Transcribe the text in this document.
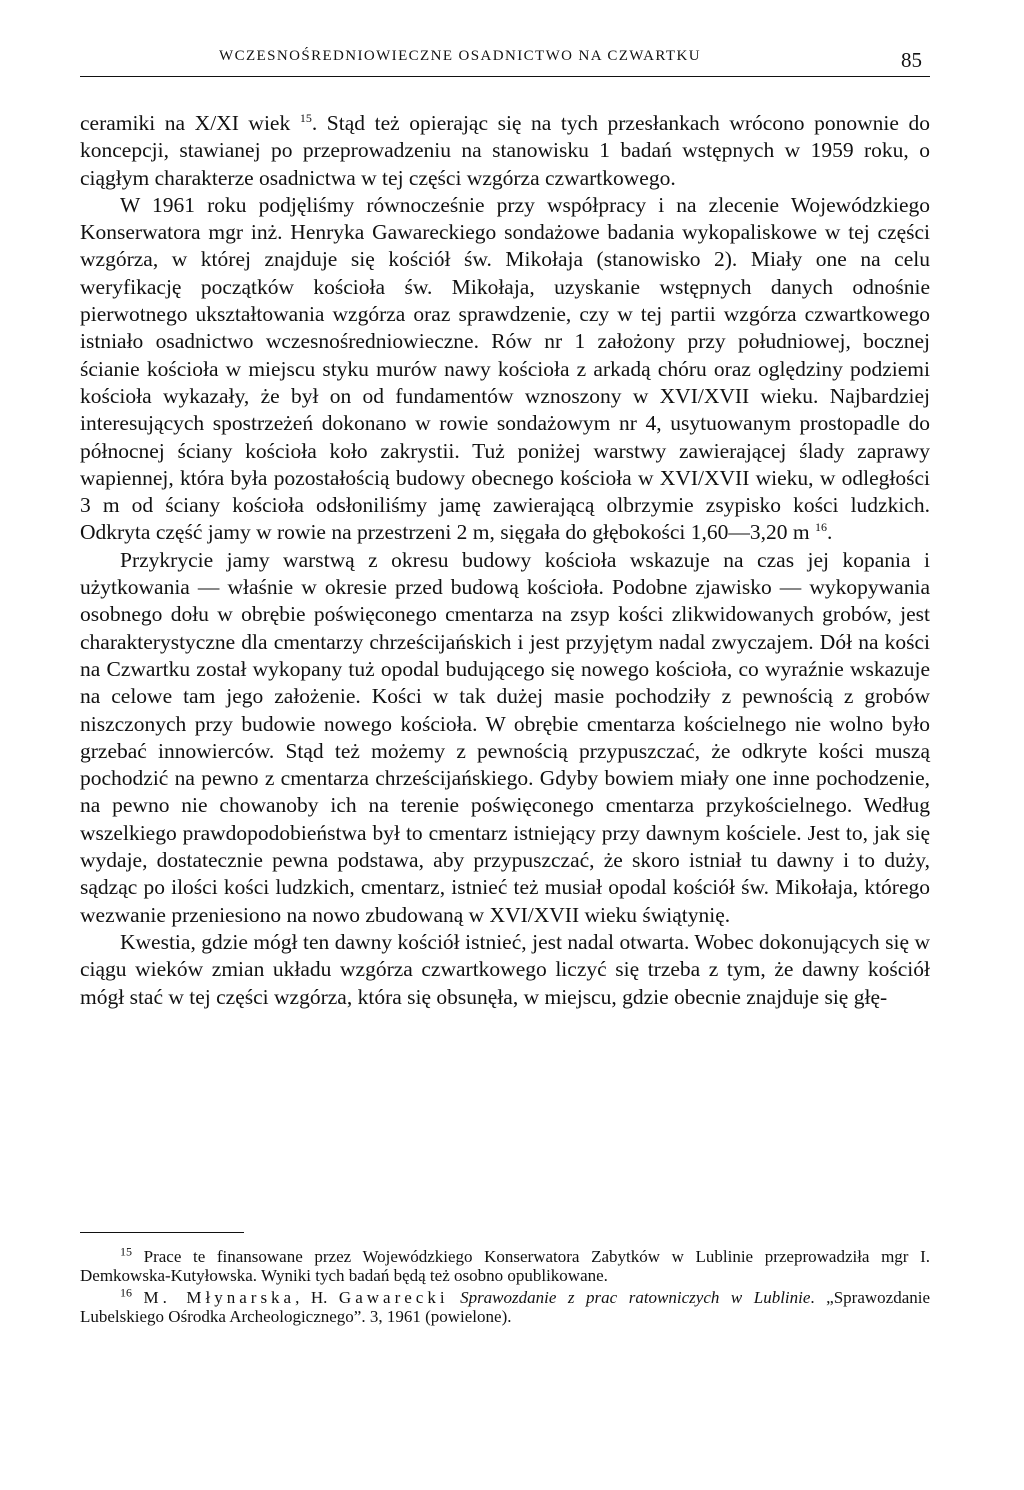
WCZESNOŚREDNIOWIECZNE OSADNICTWO NA CZWARTKU	85

ceramiki na X/XI wiek $^{15}$. Stąd też opierając się na tych przesłankach wrócono ponownie do koncepcji, stawianej po przeprowadzeniu na stanowisku 1 badań wstępnych w 1959 roku, o ciągłym charakterze osadnictwa w tej części wzgórza czwartkowego.

W 1961 roku podjęliśmy równocześnie przy współpracy i na zlecenie Wojewódzkiego Konserwatora mgr inż. Henryka Gawareckiego sondażowe badania wykopaliskowe w tej części wzgórza, w której znajduje się kościół św. Mikołaja (stanowisko 2). Miały one na celu weryfikację początków kościoła św. Mikołaja, uzyskanie wstępnych danych odnośnie pierwotnego ukształtowania wzgórza oraz sprawdzenie, czy w tej partii wzgórza czwartkowego istniało osadnictwo wczesnośredniowieczne. Rów nr 1 założony przy południowej, bocznej ścianie kościoła w miejscu styku murów nawy kościoła z arkadą chóru oraz oględziny podziemi kościoła wykazały, że był on od fundamentów wznoszony w XVI/XVII wieku. Najbardziej interesujących spostrzeżeń dokonano w rowie sondażowym nr 4, usytuowanym prostopadle do północnej ściany kościoła koło zakrystii. Tuż poniżej warstwy zawierającej ślady zaprawy wapiennej, która była pozostałością budowy obecnego kościoła w XVI/XVII wieku, w odległości 3 m od ściany kościoła odsłoniliśmy jamę zawierającą olbrzymie zsypisko kości ludzkich. Odkryta część jamy w rowie na przestrzeni 2 m, sięgała do głębokości 1,60—3,20 m $^{16}$.

Przykrycie jamy warstwą z okresu budowy kościoła wskazuje na czas jej kopania i użytkowania — właśnie w okresie przed budową kościoła. Podobne zjawisko — wykopywania osobnego dołu w obrębie poświęconego cmentarza na zsyp kości zlikwidowanych grobów, jest charakterystyczne dla cmentarzy chrześcijańskich i jest przyjętym nadal zwyczajem. Dół na kości na Czwartku został wykopany tuż opodal budującego się nowego kościoła, co wyraźnie wskazuje na celowe tam jego założenie. Kości w tak dużej masie pochodziły z pewnością z grobów niszczonych przy budowie nowego kościoła. W obrębie cmentarza kościelnego nie wolno było grzebać innowierców. Stąd też możemy z pewnością przypuszczać, że odkryte kości muszą pochodzić na pewno z cmentarza chrześcijańskiego. Gdyby bowiem miały one inne pochodzenie, na pewno nie chowanoby ich na terenie poświęconego cmentarza przykościelnego. Według wszelkiego prawdopodobieństwa był to cmentarz istniejący przy dawnym kościele. Jest to, jak się wydaje, dostatecznie pewna podstawa, aby przypuszczać, że skoro istniał tu dawny i to duży, sądząc po ilości kości ludzkich, cmentarz, istnieć też musiał opodal kościół św. Mikołaja, którego wezwanie przeniesiono na nowo zbudowaną w XVI/XVII wieku świątynię.

Kwestia, gdzie mógł ten dawny kościół istnieć, jest nadal otwarta. Wobec dokonujących się w ciągu wieków zmian układu wzgórza czwartkowego liczyć się trzeba z tym, że dawny kościół mógł stać w tej części wzgórza, która się obsunęła, w miejscu, gdzie obecnie znajduje się głę-

$^{15}$ Prace te finansowane przez Wojewódzkiego Konserwatora Zabytków w Lublinie przeprowadziła mgr I. Demkowska-Kutyłowska. Wyniki tych badań będą też osobno opublikowane.

$^{16}$ M. Młynarska, H. Gawarecki Sprawozdanie z prac ratowniczych w Lublinie. „Sprawozdanie Lubelskiego Ośrodka Archeologicznego”. 3, 1961 (powielone).
